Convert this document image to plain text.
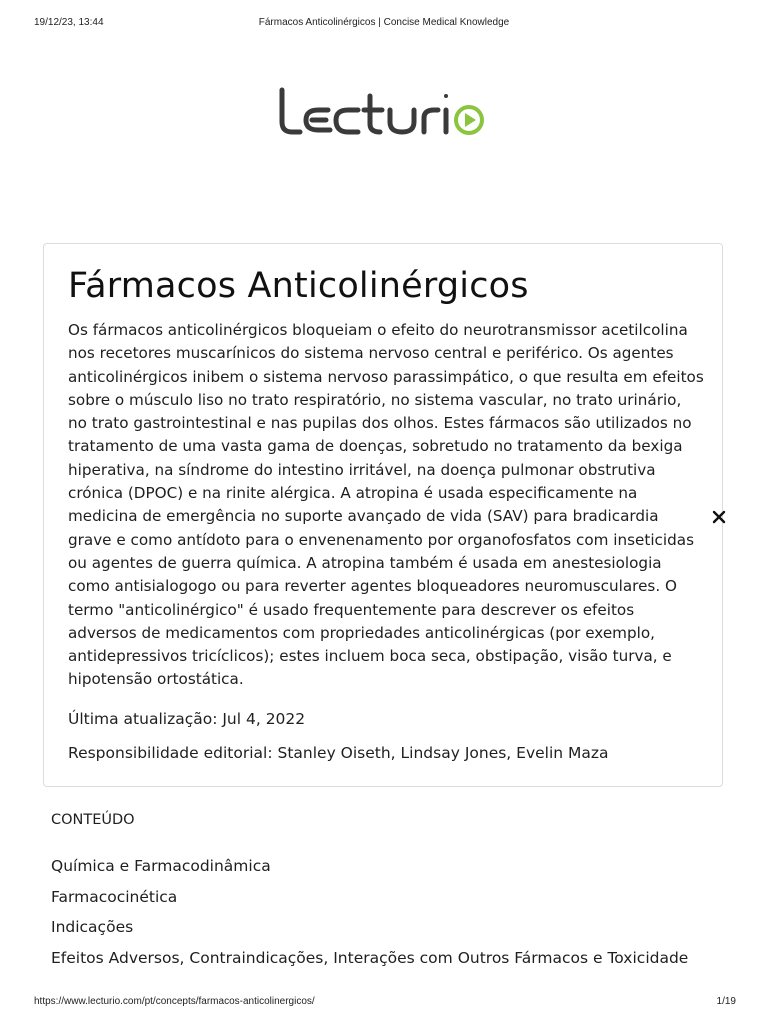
19/12/23, 13:44	Fármacos Anticolinérgicos | Concise Medical Knowledge
Fármacos Anticolinérgicos

Os fármacos anticolinérgicos bloqueiam o efeito do neurotransmissor acetilcolina nos recetores muscarínicos do sistema nervoso central e periférico. Os agentes anticolinérgicos inibem o sistema nervoso parassimpático, o que resulta em efeitos sobre o músculo liso no trato respiratório, no sistema vascular, no trato urinário, no trato gastrointestinal e nas pupilas dos olhos. Estes fármacos são utilizados no tratamento de uma vasta gama de doenças, sobretudo no tratamento da bexiga hiperativa, na síndrome do intestino irritável, na doença pulmonar obstrutiva crónica (DPOC) e na rinite alérgica. A atropina é usada especificamente na medicina de emergência no suporte avançado de vida (SAV) para bradicardia grave e como antídoto para o envenenamento por organofosfatos com inseticidas ou agentes de guerra química. A atropina também é usada em anestesiologia como antisialogogo ou para reverter agentes bloqueadores neuromusculares. O termo "anticolinérgico" é usado frequentemente para descrever os efeitos adversos de medicamentos com propriedades anticolinérgicas (por exemplo, antidepressivos tricíclicos); estes incluem boca seca, obstipação, visão turva, e hipotensão ortostática.

Última atualização: Jul 4, 2022

Responsibilidade editorial: Stanley Oiseth, Lindsay Jones, Evelin Maza

CONTEÚDO
Química e Farmacodinâmica
Farmacocinética
Indicações
Efeitos Adversos, Contraindicações, Interações com Outros Fármacos e Toxicidade
https://www.lecturio.com/pt/concepts/farmacos-anticolinergicos/	1/19
